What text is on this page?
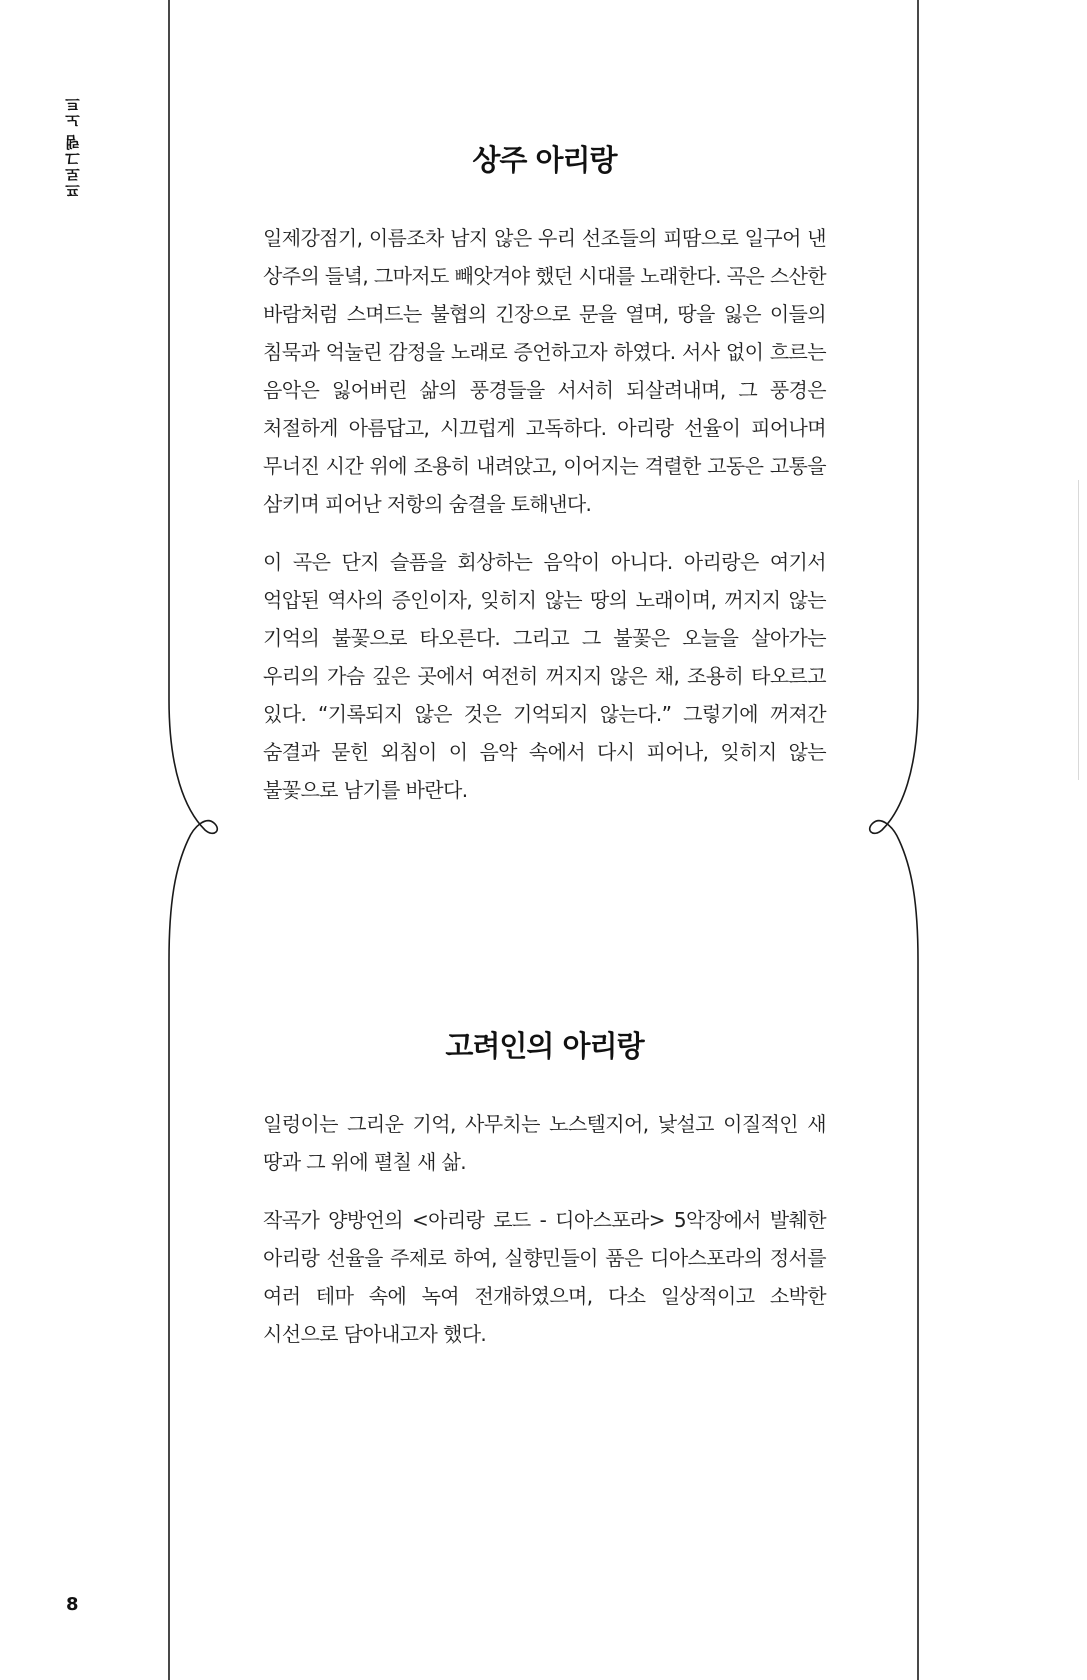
프로그램 노트	상주 아리랑

일제강점기, 이름조차 남지 않은 우리 선조들의 피땀으로 일구어 낸 상주의 들녘, 그마저도 빼앗겨야 했던 시대를 노래한다. 곡은 스산한 바람처럼 스며드는 불협의 긴장으로 문을 열며, 땅을 잃은 이들의 침묵과 억눌린 감정을 노래로 증언하고자 하였다. 서사 없이 흐르는 음악은 잃어버린 삶의 풍경들을 서서히 되살려내며, 그 풍경은 처절하게 아름답고, 시끄럽게 고독하다. 아리랑 선율이 피어나며 무너진 시간 위에 조용히 내려앉고, 이어지는 격렬한 고동은 고통을 삼키며 피어난 저항의 숨결을 토해낸다.

이 곡은 단지 슬픔을 회상하는 음악이 아니다. 아리랑은 여기서 억압된 역사의 증인이자, 잊히지 않는 땅의 노래이며, 꺼지지 않는 기억의 불꽃으로 타오른다. 그리고 그 불꽃은 오늘을 살아가는 우리의 가슴 깊은 곳에서 여전히 꺼지지 않은 채, 조용히 타오르고 있다. “기록되지 않은 것은 기억되지 않는다.” 그렇기에 꺼져간 숨결과 묻힌 외침이 이 음악 속에서 다시 피어나, 잊히지 않는 불꽃으로 남기를 바란다.

고려인의 아리랑

일렁이는 그리운 기억, 사무치는 노스텔지어, 낯설고 이질적인 새 땅과 그 위에 펼칠 새 삶.

작곡가 양방언의 <아리랑 로드 - 디아스포라> 5악장에서 발췌한 아리랑 선율을 주제로 하여, 실향민들이 품은 디아스포라의 정서를 여러 테마 속에 녹여 전개하였으며, 다소 일상적이고 소박한 시선으로 담아내고자 했다.

8
